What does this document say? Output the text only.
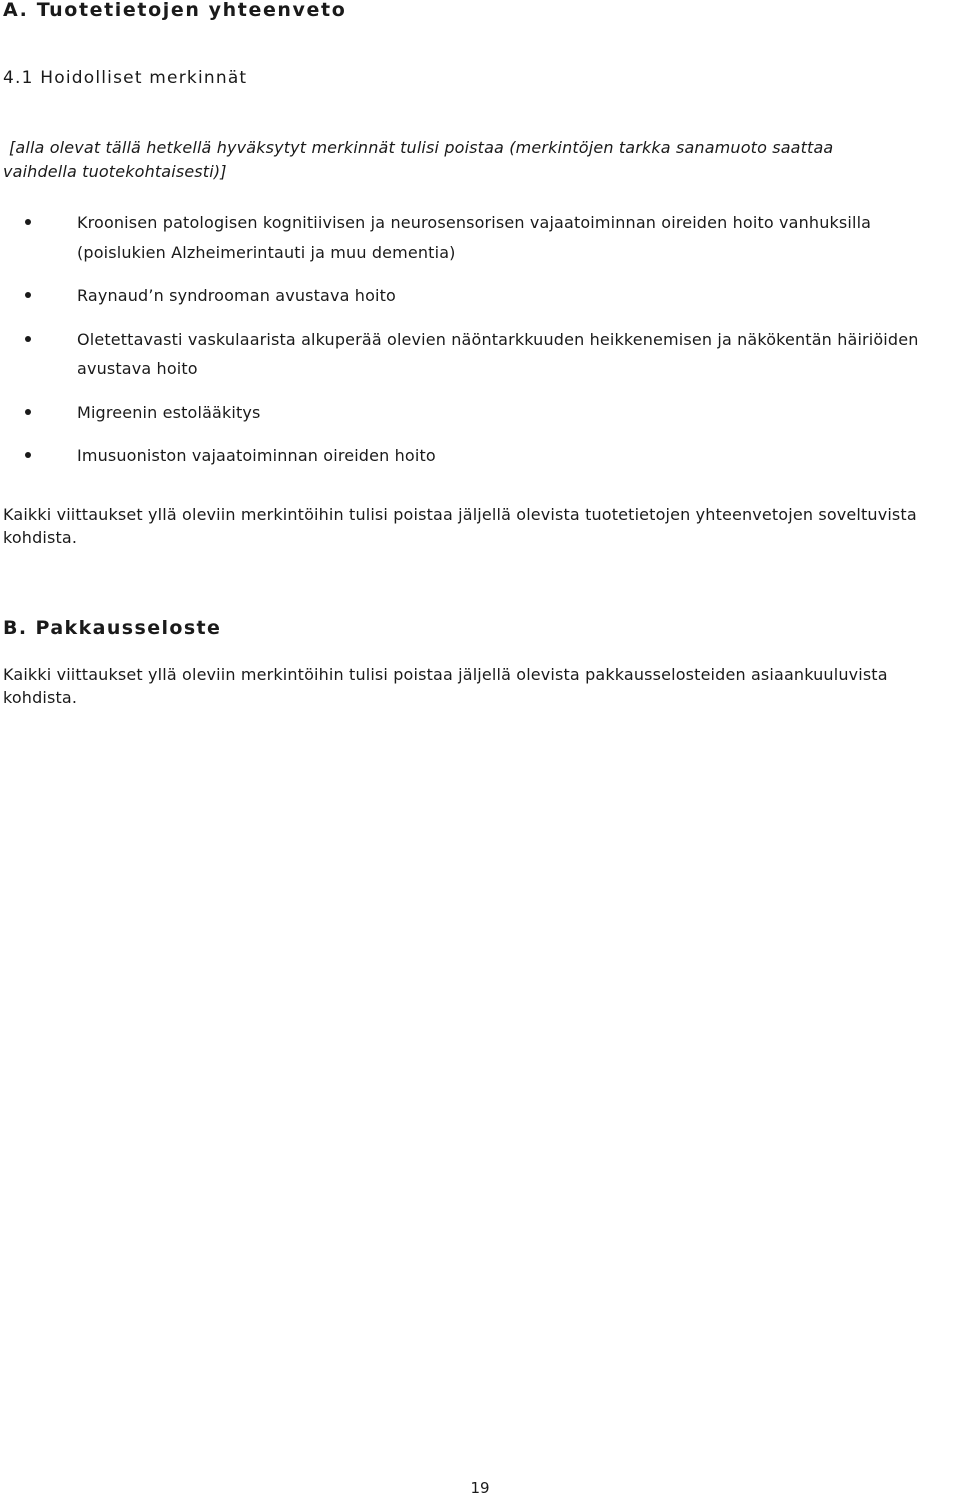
A. Tuotetietojen yhteenveto
4.1 Hoidolliset merkinnät

[alla olevat tällä hetkellä hyväksytyt merkinnät tulisi poistaa (merkintöjen tarkka sanamuoto saattaa
vaihdella tuotekohtaisesti)]

Kroonisen patologisen kognitiivisen ja neurosensorisen vajaatoiminnan oireiden hoito vanhuksilla (poislukien Alzheimerintauti ja muu dementia)
Raynaud’n syndrooman avustava hoito
Oletettavasti vaskulaarista alkuperää olevien näöntarkkuuden heikkenemisen ja näkökentän häiriöiden avustava hoito
Migreenin estolääkitys
Imusuoniston vajaatoiminnan oireiden hoito

Kaikki viittaukset yllä oleviin merkintöihin tulisi poistaa jäljellä olevista tuotetietojen yhteenvetojen soveltuvista kohdista.

B. Pakkausseloste

Kaikki viittaukset yllä oleviin merkintöihin tulisi poistaa jäljellä olevista pakkausselosteiden asiaankuuluvista kohdista.

19
